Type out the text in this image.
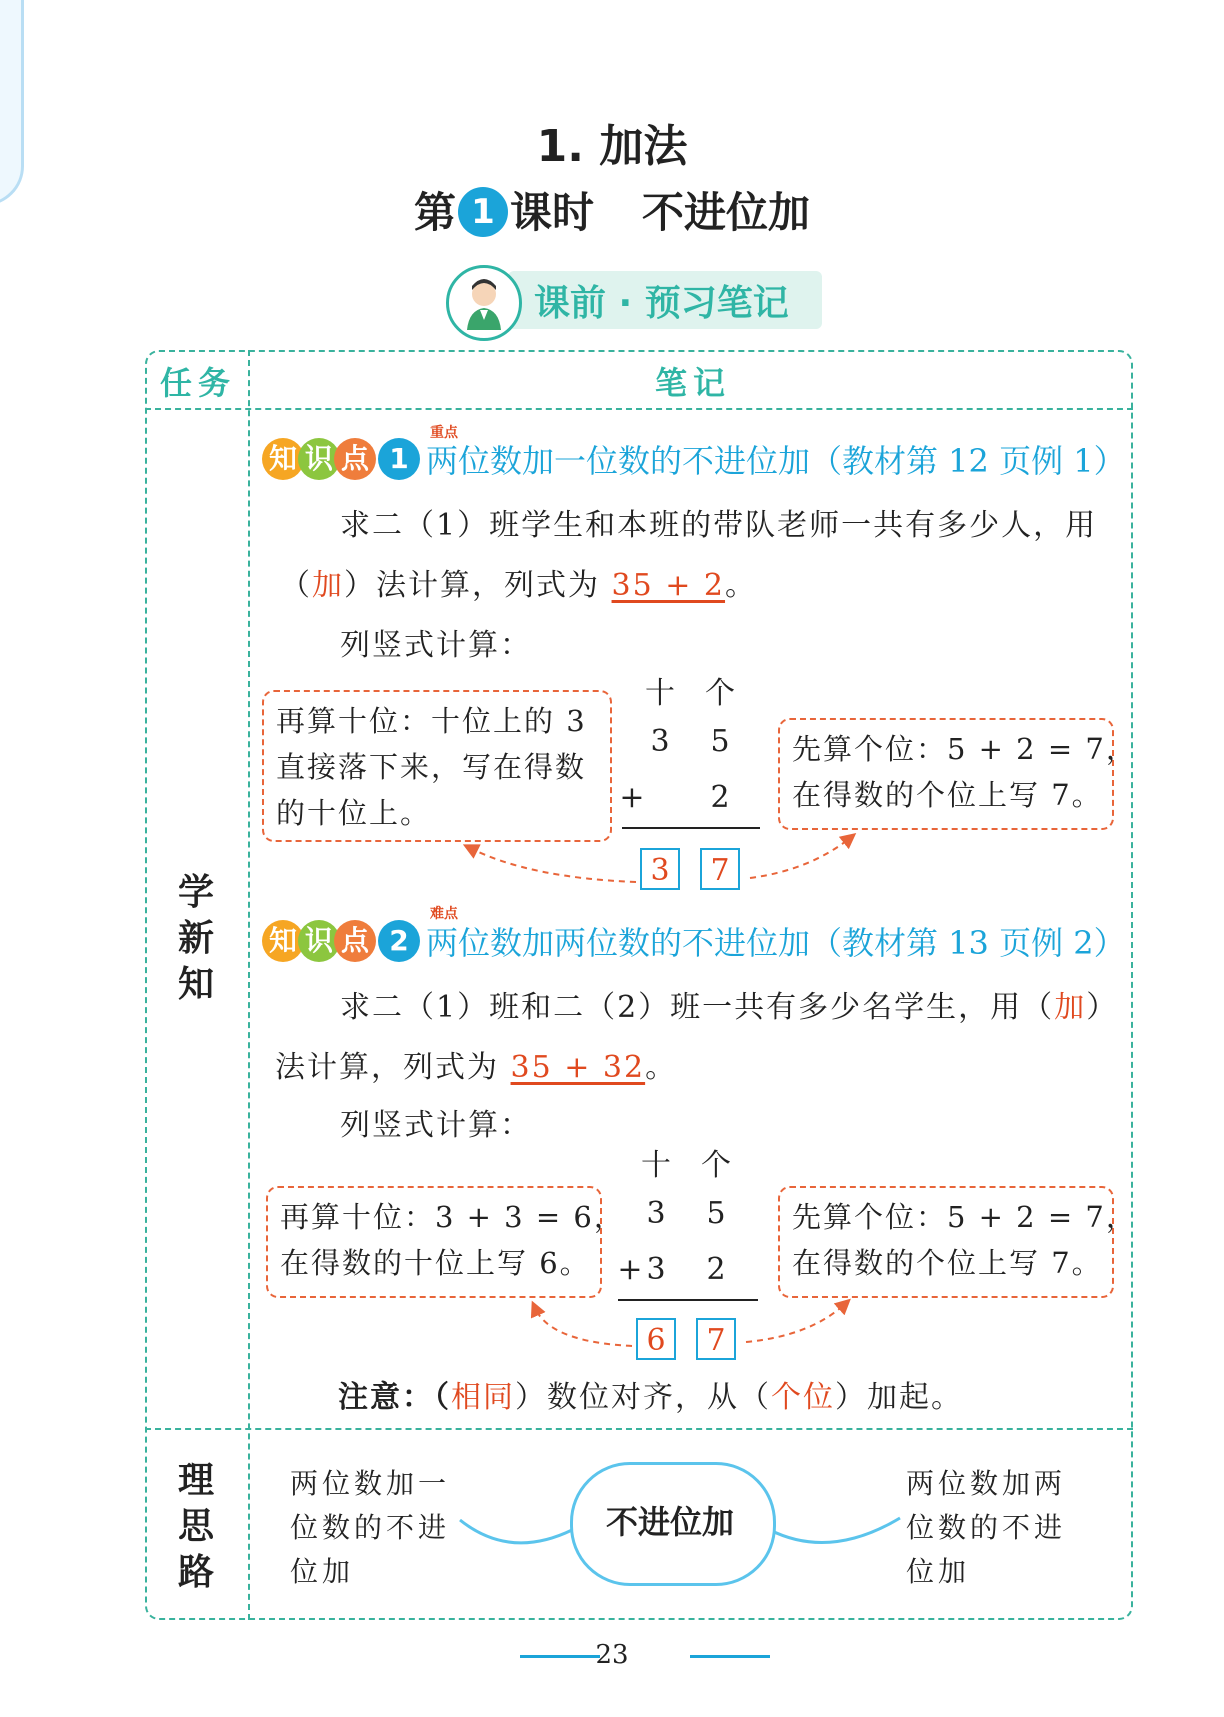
1. 加法
第 1 课时 不进位加
课前 · 预习笔记
任务	笔记
学
新
知
理
思
路
重点
知 识 点 1 两位数加一位数的不进位加（教材第 12 页例 1）
求二（1）班学生和本班的带队老师一共有多少人，用
（加）法计算，列式为 35 + 2。
列竖式计算：
十 个
3	5
+	2
3	7
再算十位：十位上的 3
直接落下来，写在得数
的十位上。
先算个位：5 + 2 = 7，
在得数的个位上写 7。
难点
知 识 点 2 两位数加两位数的不进位加（教材第 13 页例 2）
求二（1）班和二（2）班一共有多少名学生，用（加）
法计算，列式为 35 + 32。
列竖式计算：
十 个
3	5
+ 3	2
6	7
再算十位：3 + 3 = 6，
在得数的十位上写 6。
先算个位：5 + 2 = 7，
在得数的个位上写 7。
注意：（相同）数位对齐，从（个位）加起。
不进位加
两位数加一
位数的不进
位加
两位数加两
位数的不进
位加
23
